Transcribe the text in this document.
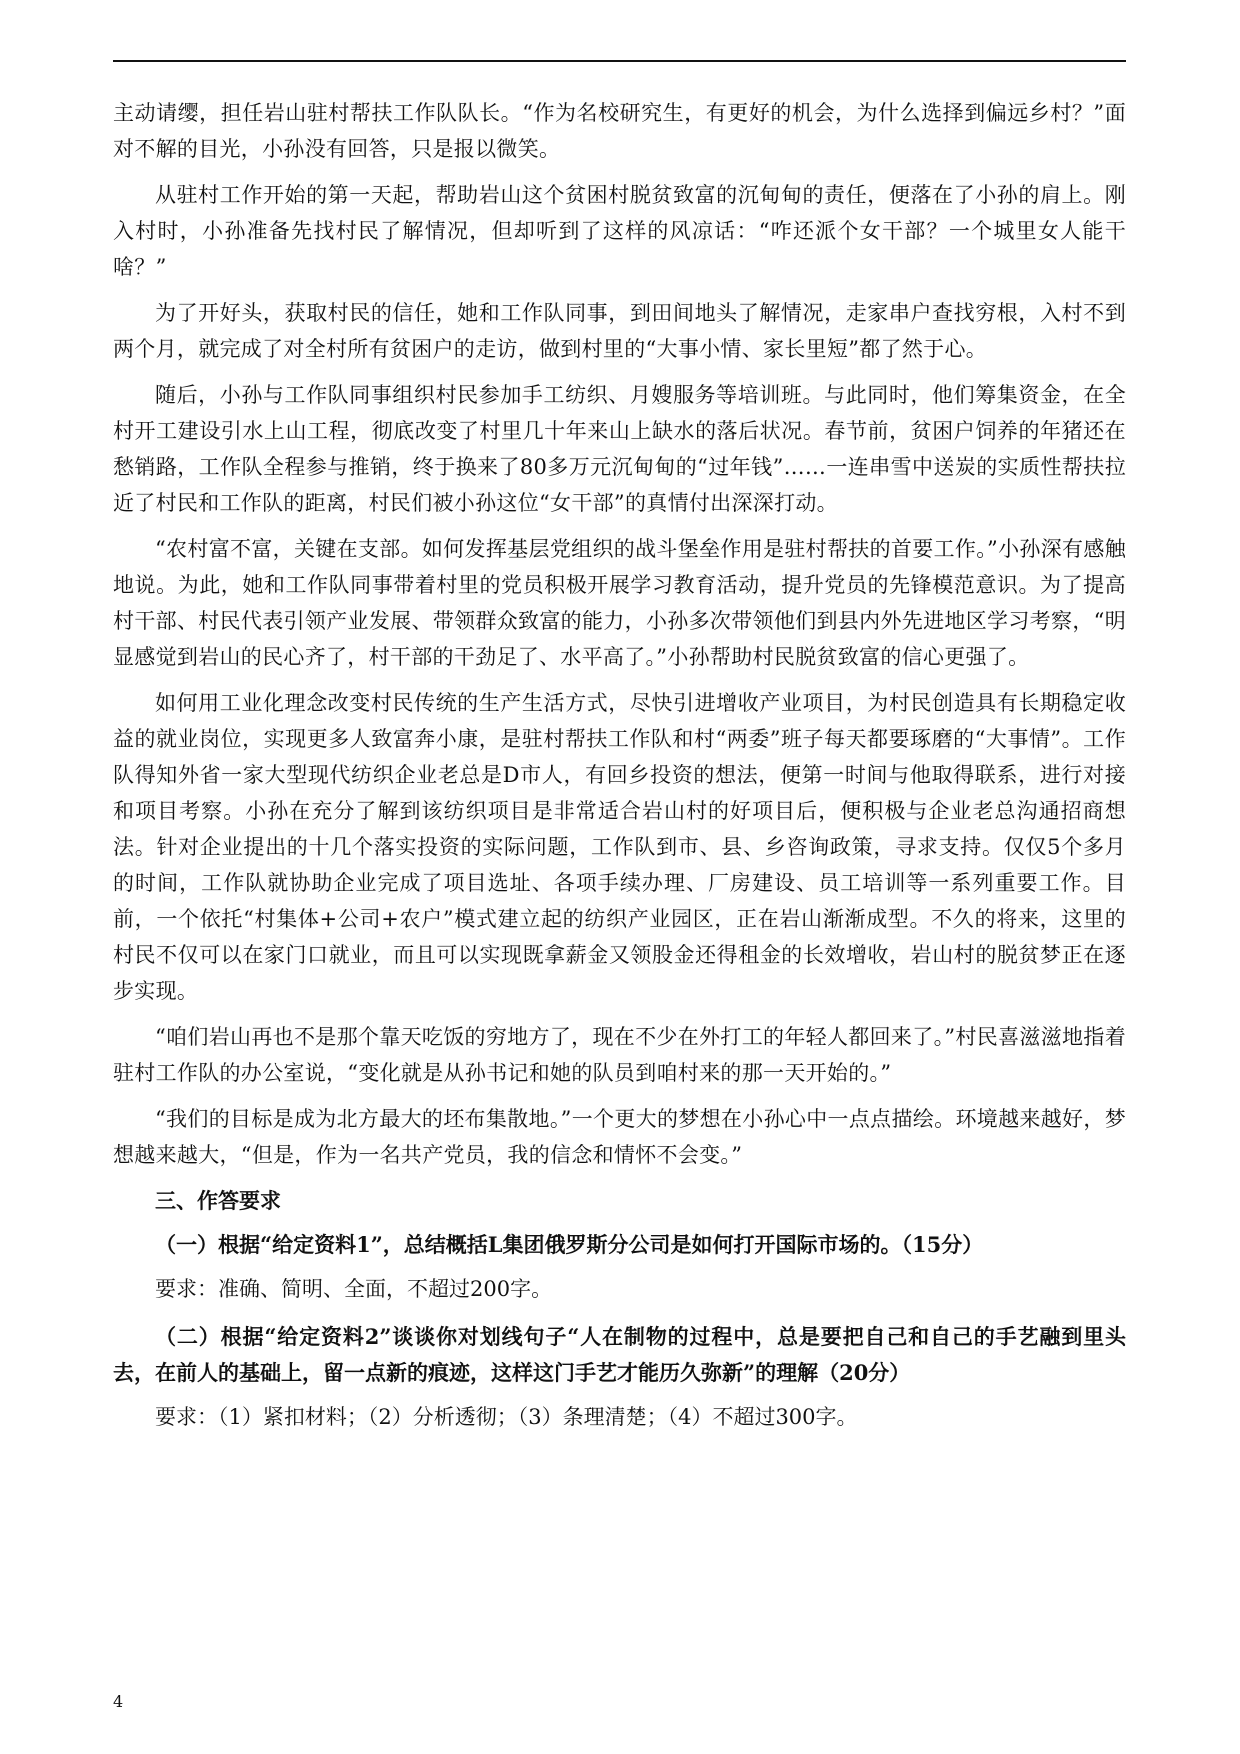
主动请缨，担任岩山驻村帮扶工作队队长。“作为名校研究生，有更好的机会，为什么选择到偏远乡村？”面对不解的目光，小孙没有回答，只是报以微笑。

从驻村工作开始的第一天起，帮助岩山这个贫困村脱贫致富的沉甸甸的责任，便落在了小孙的肩上。刚入村时，小孙准备先找村民了解情况，但却听到了这样的风凉话：“咋还派个女干部？一个城里女人能干啥？”

为了开好头，获取村民的信任，她和工作队同事，到田间地头了解情况，走家串户查找穷根，入村不到两个月，就完成了对全村所有贫困户的走访，做到村里的“大事小情、家长里短”都了然于心。

随后，小孙与工作队同事组织村民参加手工纺织、月嫂服务等培训班。与此同时，他们筹集资金，在全村开工建设引水上山工程，彻底改变了村里几十年来山上缺水的落后状况。春节前，贫困户饲养的年猪还在愁销路，工作队全程参与推销，终于换来了80多万元沉甸甸的“过年钱”……一连串雪中送炭的实质性帮扶拉近了村民和工作队的距离，村民们被小孙这位“女干部”的真情付出深深打动。

“农村富不富，关键在支部。如何发挥基层党组织的战斗堡垒作用是驻村帮扶的首要工作。”小孙深有感触地说。为此，她和工作队同事带着村里的党员积极开展学习教育活动，提升党员的先锋模范意识。为了提高村干部、村民代表引领产业发展、带领群众致富的能力，小孙多次带领他们到县内外先进地区学习考察，“明显感觉到岩山的民心齐了，村干部的干劲足了、水平高了。”小孙帮助村民脱贫致富的信心更强了。

如何用工业化理念改变村民传统的生产生活方式，尽快引进增收产业项目，为村民创造具有长期稳定收益的就业岗位，实现更多人致富奔小康，是驻村帮扶工作队和村“两委”班子每天都要琢磨的“大事情”。工作队得知外省一家大型现代纺织企业老总是D市人，有回乡投资的想法，便第一时间与他取得联系，进行对接和项目考察。小孙在充分了解到该纺织项目是非常适合岩山村的好项目后，便积极与企业老总沟通招商想法。针对企业提出的十几个落实投资的实际问题，工作队到市、县、乡咨询政策，寻求支持。仅仅5个多月的时间，工作队就协助企业完成了项目选址、各项手续办理、厂房建设、员工培训等一系列重要工作。目前，一个依托“村集体+公司+农户”模式建立起的纺织产业园区，正在岩山渐渐成型。不久的将来，这里的村民不仅可以在家门口就业，而且可以实现既拿薪金又领股金还得租金的长效增收，岩山村的脱贫梦正在逐步实现。

“咱们岩山再也不是那个靠天吃饭的穷地方了，现在不少在外打工的年轻人都回来了。”村民喜滋滋地指着驻村工作队的办公室说，“变化就是从孙书记和她的队员到咱村来的那一天开始的。”

“我们的目标是成为北方最大的坯布集散地。”一个更大的梦想在小孙心中一点点描绘。环境越来越好，梦想越来越大，“但是，作为一名共产党员，我的信念和情怀不会变。”

三、作答要求

（一）根据“给定资料1”，总结概括L集团俄罗斯分公司是如何打开国际市场的。（15分）

要求：准确、简明、全面，不超过200字。

（二）根据“给定资料2”谈谈你对划线句子“人在制物的过程中，总是要把自己和自己的手艺融到里头去，在前人的基础上，留一点新的痕迹，这样这门手艺才能历久弥新”的理解（20分）

要求：（1）紧扣材料；（2）分析透彻；（3）条理清楚；（4）不超过300字。

4
